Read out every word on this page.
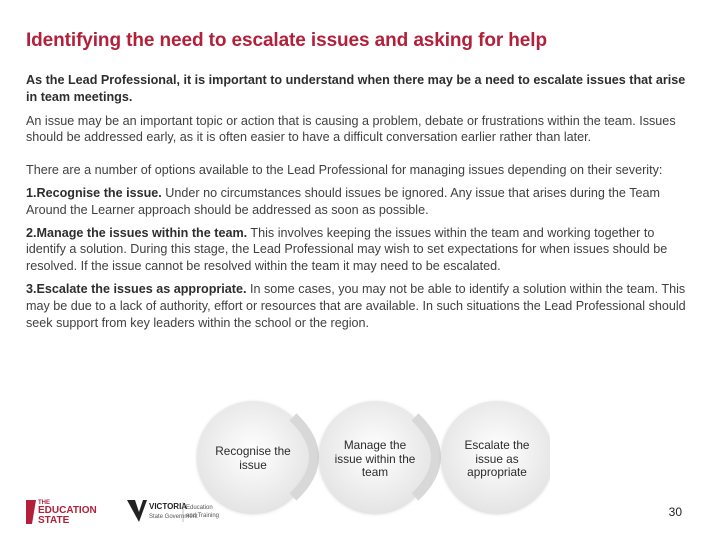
Identifying the need to escalate issues and asking for help

As the Lead Professional, it is important to understand when there may be a need to escalate issues that arise in team meetings.

An issue may be an important topic or action that is causing a problem, debate or frustrations within the team. Issues should be addressed early, as it is often easier to have a difficult conversation earlier rather than later.

There are a number of options available to the Lead Professional for managing issues depending on their severity:

1.Recognise the issue. Under no circumstances should issues be ignored. Any issue that arises during the Team Around the Learner approach should be addressed as soon as possible.

2.Manage the issues within the team. This involves keeping the issues within the team and working together to identify a solution. During this stage, the Lead Professional may wish to set expectations for when issues should be resolved. If the issue cannot be resolved within the team it may need to be escalated.

3.Escalate the issues as appropriate. In some cases, you may not be able to identify a solution within the team. This may be due to a lack of authority, effort or resources that are available. In such situations the Lead Professional should seek support from key leaders within the school or the region.

Recognise the issue
Manage the issue within the team
Escalate the issue as appropriate
THE
EDUCATION
STATE
VICTORIA
State Government
Education
and Training	30
